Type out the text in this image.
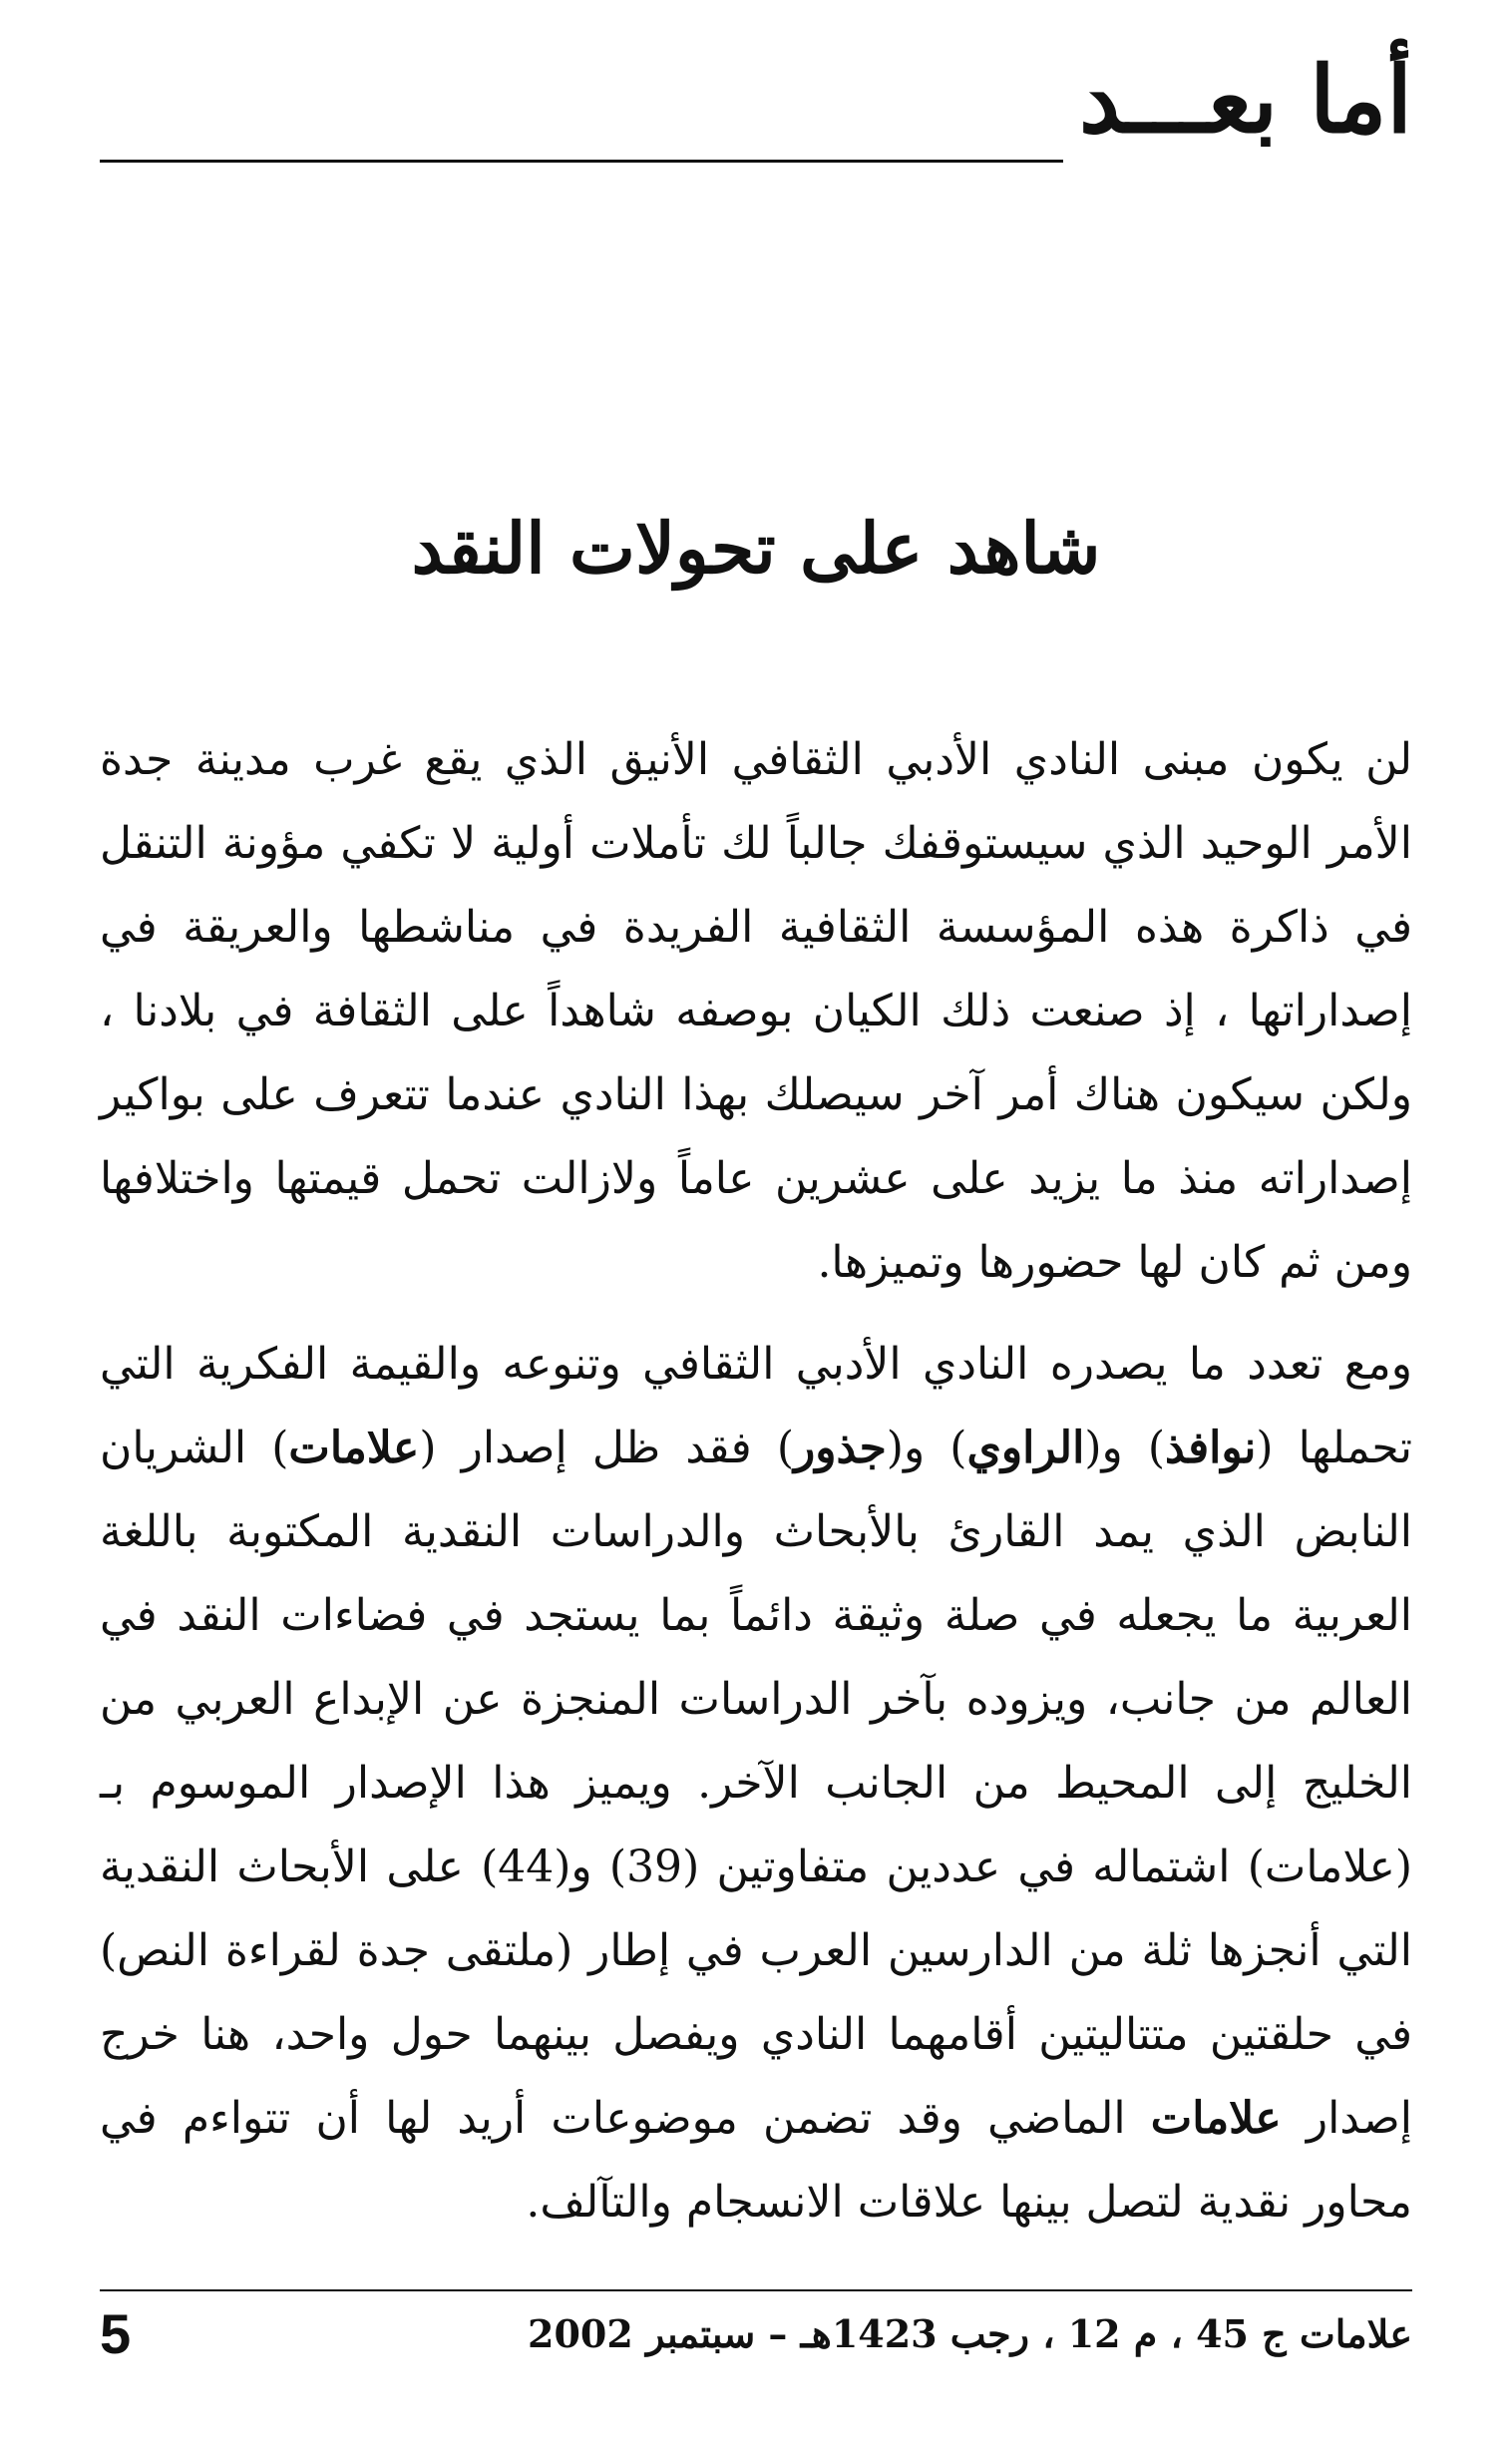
أما بعـــد
شاهد على تحولات النقد

لن يكون مبنى النادي الأدبي الثقافي الأنيق الذي يقع غرب مدينة جدة الأمر الوحيد الذي سيستوقفك جالباً لك تأملات أولية لا تكفي مؤونة التنقل في ذاكرة هذه المؤسسة الثقافية الفريدة في مناشطها والعريقة في إصداراتها ، إذ صنعت ذلك الكيان بوصفه شاهداً على الثقافة في بلادنا ، ولكن سيكون هناك أمر آخر سيصلك بهذا النادي عندما تتعرف على بواكير إصداراته منذ ما يزيد على عشرين عاماً ولازالت تحمل قيمتها واختلافها ومن ثم كان لها حضورها وتميزها.

ومع تعدد ما يصدره النادي الأدبي الثقافي وتنوعه والقيمة الفكرية التي تحملها (نوافذ) و(الراوي) و(جذور) فقد ظل إصدار (علامات) الشريان النابض الذي يمد القارئ بالأبحاث والدراسات النقدية المكتوبة باللغة العربية ما يجعله في صلة وثيقة دائماً بما يستجد في فضاءات النقد في العالم من جانب، ويزوده بآخر الدراسات المنجزة عن الإبداع العربي من الخليج إلى المحيط من الجانب الآخر. ويميز هذا الإصدار الموسوم بـ (علامات) اشتماله في عددين متفاوتين (39) و(44) على الأبحاث النقدية التي أنجزها ثلة من الدارسين العرب في إطار (ملتقى جدة لقراءة النص) في حلقتين متتاليتين أقامهما النادي ويفصل بينهما حول واحد، هنا خرج إصدار علامات الماضي وقد تضمن موضوعات أريد لها أن تتواءم في محاور نقدية لتصل بينها علاقات الانسجام والتآلف.

علامات ج 45 ، م 12 ، رجب 1423هـ – سبتمبر 2002
5
